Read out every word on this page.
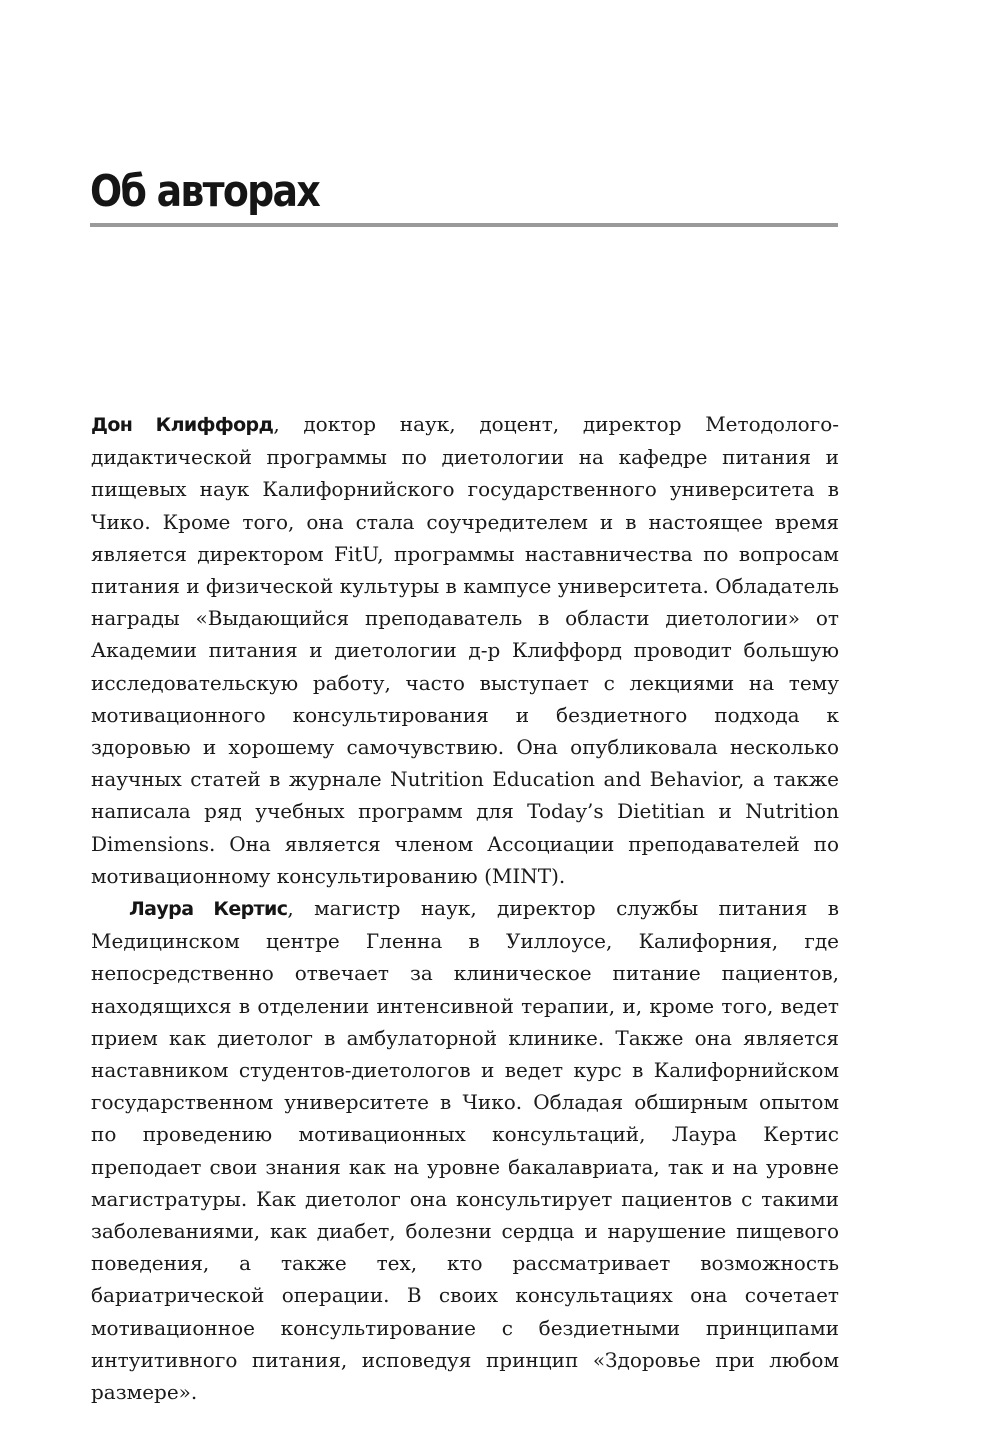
Об авторах

Дон Клиффорд, доктор наук, доцент, директор Методолого-дидактической программы по диетологии на кафедре питания и пищевых наук Калифорнийского государственного университета в Чико. Кроме того, она стала соучредителем и в настоящее время является директором FitU, программы наставничества по вопросам питания и физической культуры в кампусе университета. Обладатель награды «Выдающийся преподаватель в области диетологии» от Академии питания и диетологии д-р Клиффорд проводит большую исследовательскую работу, часто выступает с лекциями на тему мотивационного консультирования и бездиетного подхода к здоровью и хорошему самочувствию. Она опубликовала несколько научных статей в журнале Nutrition Education and Behavior, а также написала ряд учебных программ для Today’s Dietitian и Nutrition Dimensions. Она является членом Ассоциации преподавателей по мотивационному консультированию (MINT).

Лаура Кертис, магистр наук, директор службы питания в Медицинском центре Гленна в Уиллоусе, Калифорния, где непосредственно отвечает за клиническое питание пациентов, находящихся в отделении интенсивной терапии, и, кроме того, ведет прием как диетолог в амбулаторной клинике. Также она является наставником студентов-диетологов и ведет курс в Калифорнийском государственном университете в Чико. Обладая обширным опытом по проведению мотивационных консультаций, Лаура Кертис преподает свои знания как на уровне бакалавриата, так и на уровне магистратуры. Как диетолог она консультирует пациентов с такими заболеваниями, как диабет, болезни сердца и нарушение пищевого поведения, а также тех, кто рассматривает возможность бариатрической операции. В своих консультациях она сочетает мотивационное консультирование с бездиетными принципами интуитивного питания, исповедуя принцип «Здоровье при любом размере».
